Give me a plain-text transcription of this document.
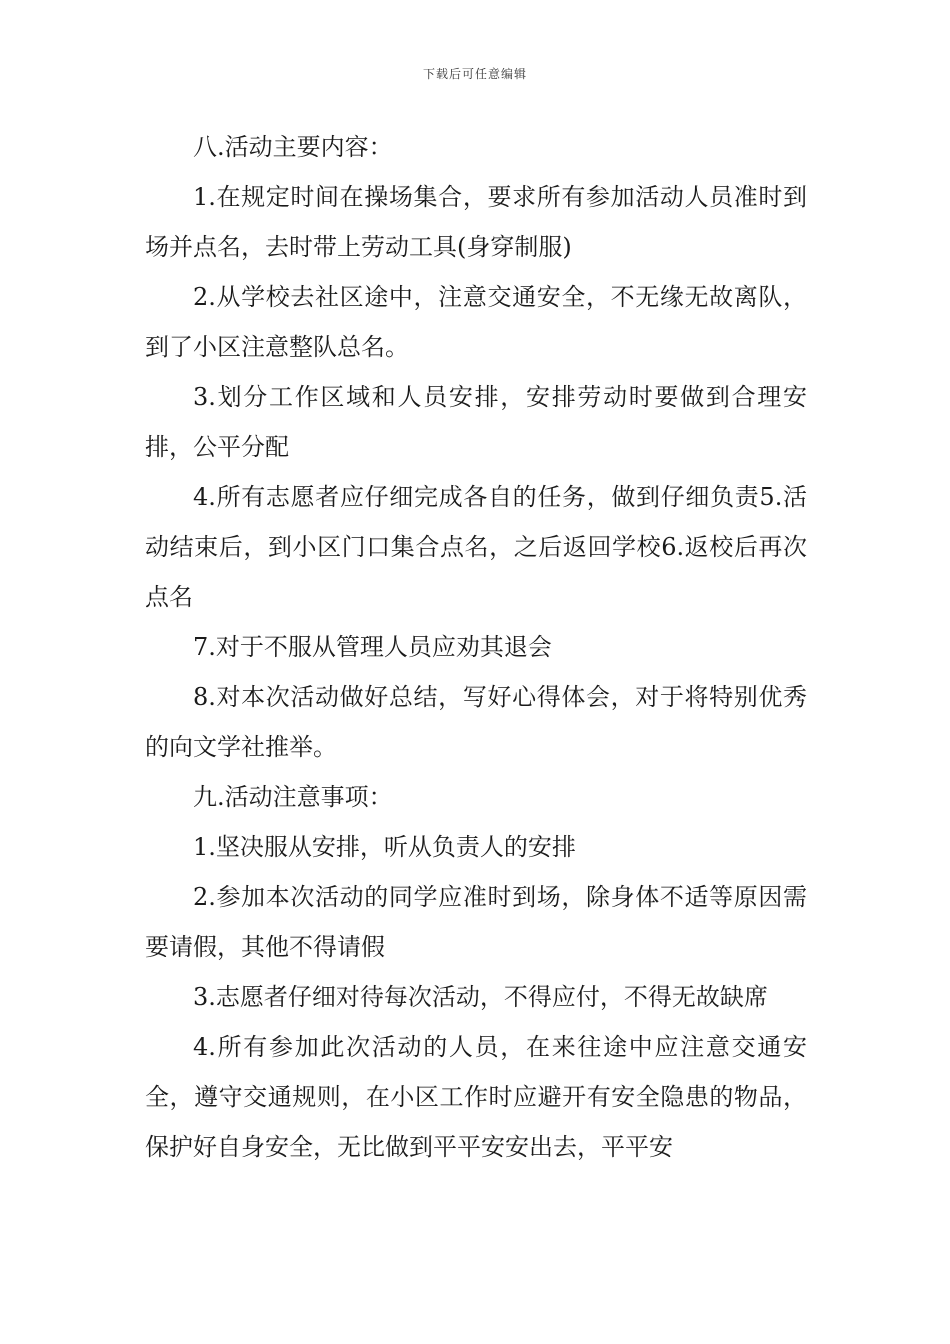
下载后可任意编辑

八.活动主要内容：

1.在规定时间在操场集合，要求所有参加活动人员准时到场并点名，去时带上劳动工具(身穿制服)

2.从学校去社区途中，注意交通安全，不无缘无故离队，到了小区注意整队总名。

3.划分工作区域和人员安排，安排劳动时要做到合理安排，公平分配

4.所有志愿者应仔细完成各自的任务，做到仔细负责5.活动结束后，到小区门口集合点名，之后返回学校6.返校后再次点名

7.对于不服从管理人员应劝其退会

8.对本次活动做好总结，写好心得体会，对于将特别优秀的向文学社推举。

九.活动注意事项：

1.坚决服从安排，听从负责人的安排

2.参加本次活动的同学应准时到场，除身体不适等原因需要请假，其他不得请假

3.志愿者仔细对待每次活动，不得应付，不得无故缺席

4.所有参加此次活动的人员，在来往途中应注意交通安全，遵守交通规则，在小区工作时应避开有安全隐患的物品，保护好自身安全，无比做到平平安安出去，平平安
